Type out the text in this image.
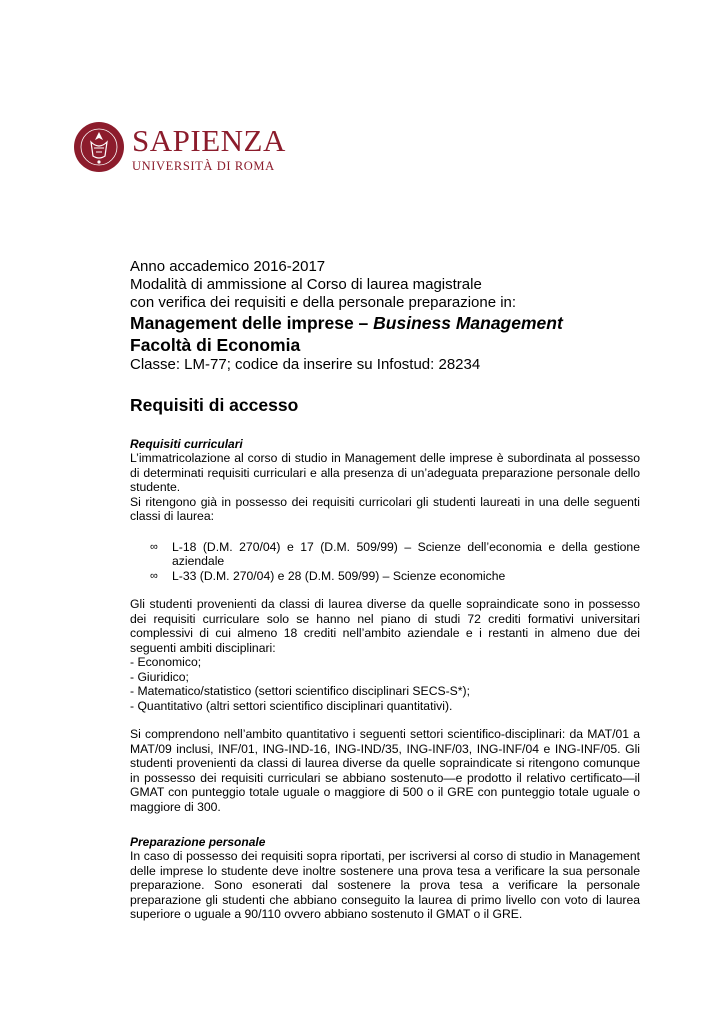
SAPIENZA
UNIVERSITÀ DI ROMA
Anno accademico 2016-2017
Modalità di ammissione al Corso di laurea magistrale
con verifica dei requisiti e della personale preparazione in:
Management delle imprese – Business Management
Facoltà di Economia
Classe: LM-77; codice da inserire su Infostud: 28234
Requisiti di accesso
Requisiti curriculari

L’immatricolazione al corso di studio in Management delle imprese è subordinata al possesso di determinati requisiti curriculari e alla presenza di un’adeguata preparazione personale dello studente.

Si ritengono già in possesso dei requisiti curricolari gli studenti laureati in una delle seguenti classi di laurea:

∞ L-18 (D.M. 270/04) e 17 (D.M. 509/99) – Scienze dell’economia e della gestione aziendale
∞ L-33 (D.M. 270/04) e 28 (D.M. 509/99) – Scienze economiche

Gli studenti provenienti da classi di laurea diverse da quelle sopraindicate sono in possesso dei requisiti curriculare solo se hanno nel piano di studi 72 crediti formativi universitari complessivi di cui almeno 18 crediti nell’ambito aziendale e i restanti in almeno due dei seguenti ambiti disciplinari:

- Economico;
- Giuridico;
- Matematico/statistico (settori scientifico disciplinari SECS-S*);
- Quantitativo (altri settori scientifico disciplinari quantitativi).

Si comprendono nell’ambito quantitativo i seguenti settori scientifico-disciplinari: da MAT/01 a MAT/09 inclusi, INF/01, ING-IND-16, ING-IND/35, ING-INF/03, ING-INF/04 e ING-INF/05. Gli studenti provenienti da classi di laurea diverse da quelle sopraindicate si ritengono comunque in possesso dei requisiti curriculari se abbiano sostenuto—e prodotto il relativo certificato—il GMAT con punteggio totale uguale o maggiore di 500 o il GRE con punteggio totale uguale o maggiore di 300.

Preparazione personale

In caso di possesso dei requisiti sopra riportati, per iscriversi al corso di studio in Management delle imprese lo studente deve inoltre sostenere una prova tesa a verificare la sua personale preparazione. Sono esonerati dal sostenere la prova tesa a verificare la personale preparazione gli studenti che abbiano conseguito la laurea di primo livello con voto di laurea superiore o uguale a 90/110 ovvero abbiano sostenuto il GMAT o il GRE.
